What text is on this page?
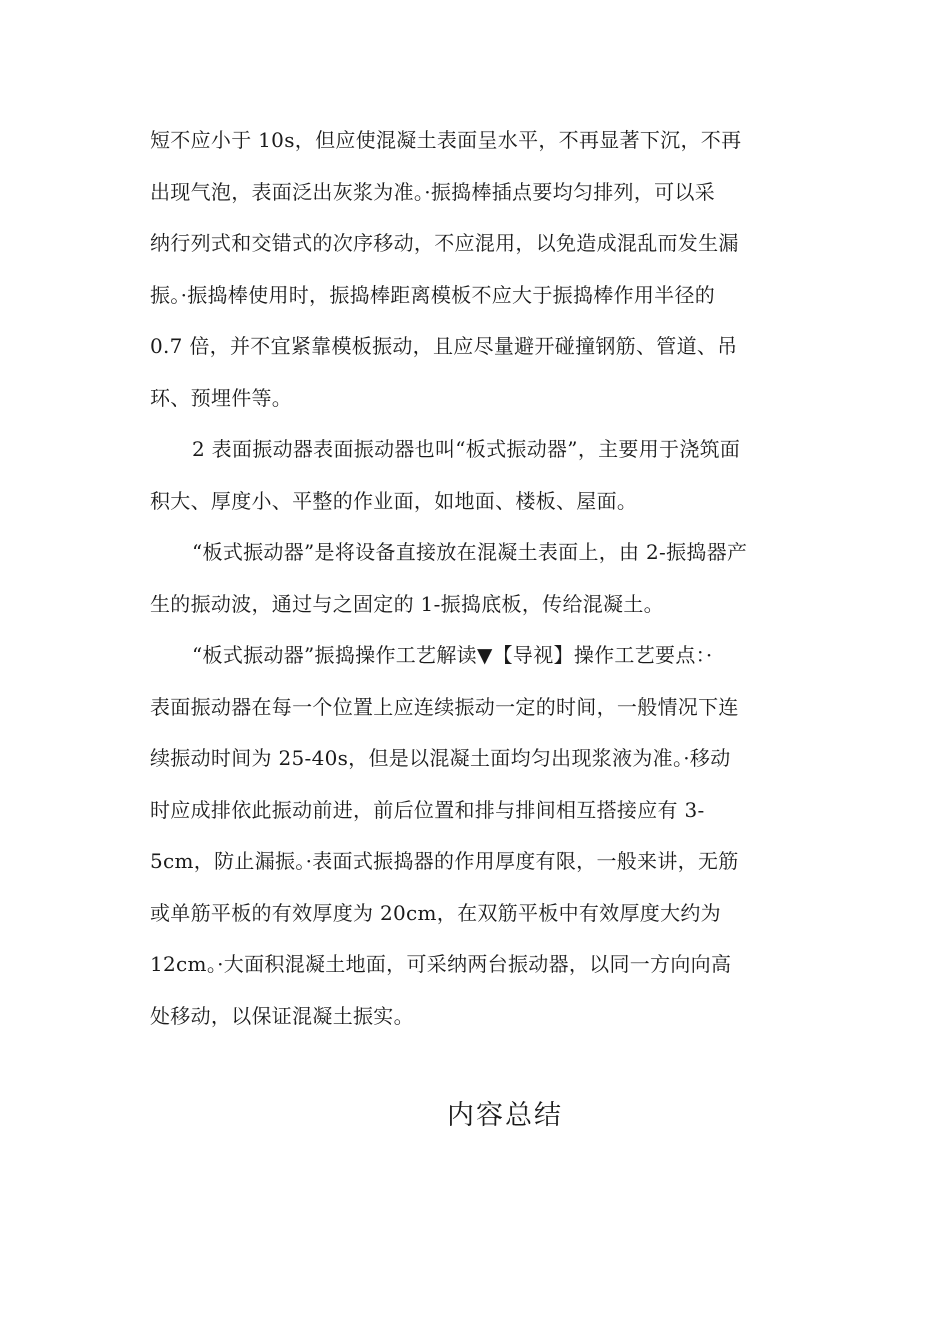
短不应小于 10s，但应使混凝土表面呈水平，不再显著下沉，不再
出现气泡，表面泛出灰浆为准。·振捣棒插点要均匀排列，可以采
纳行列式和交错式的次序移动，不应混用，以免造成混乱而发生漏
振。·振捣棒使用时，振捣棒距离模板不应大于振捣棒作用半径的
0.7 倍，并不宜紧靠模板振动，且应尽量避开碰撞钢筋、管道、吊
环、预埋件等。
2 表面振动器表面振动器也叫“板式振动器”，主要用于浇筑面
积大、厚度小、平整的作业面，如地面、楼板、屋面。
“板式振动器”是将设备直接放在混凝土表面上，由 2-振捣器产
生的振动波，通过与之固定的 1-振捣底板，传给混凝土。
“板式振动器”振捣操作工艺解读▼【导视】操作工艺要点：·
表面振动器在每一个位置上应连续振动一定的时间，一般情况下连
续振动时间为 25-40s，但是以混凝土面均匀出现浆液为准。·移动
时应成排依此振动前进，前后位置和排与排间相互搭接应有 3-
5cm，防止漏振。·表面式振捣器的作用厚度有限，一般来讲，无筋
或单筋平板的有效厚度为 20cm，在双筋平板中有效厚度大约为
12cm。·大面积混凝土地面，可采纳两台振动器，以同一方向向高
处移动，以保证混凝土振实。
内容总结
